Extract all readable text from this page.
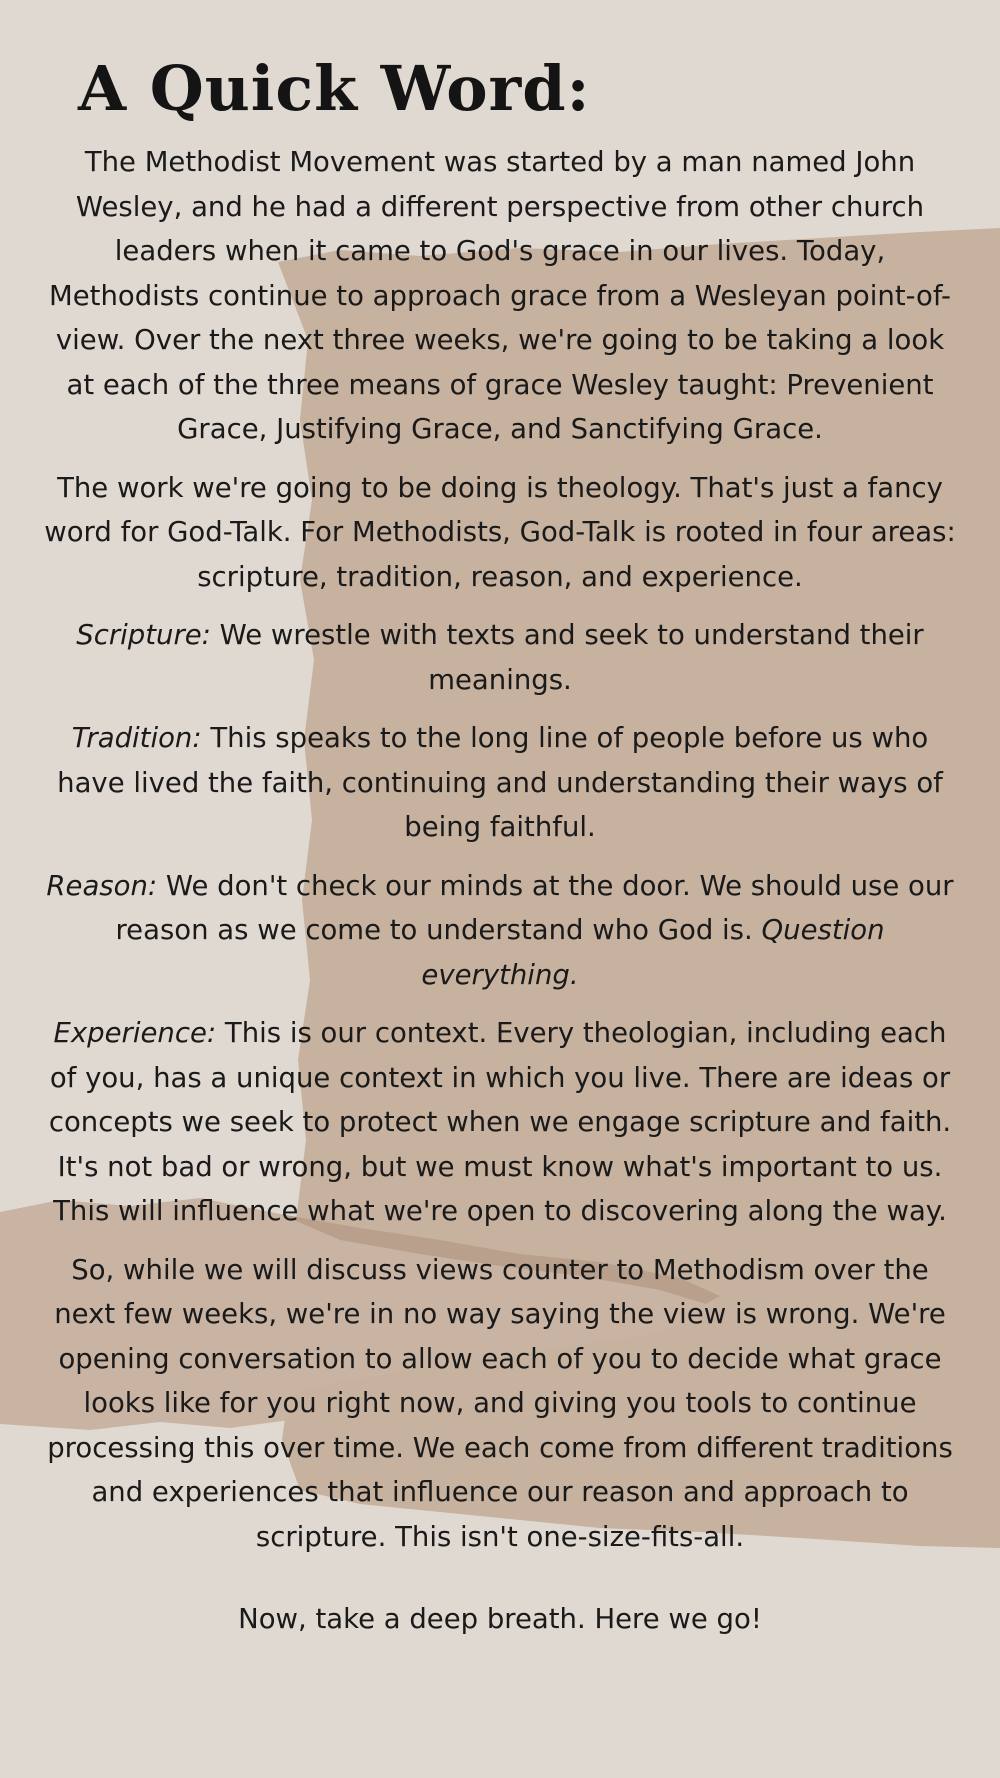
A Quick Word:

The Methodist Movement was started by a man named John Wesley, and he had a different perspective from other church leaders when it came to God's grace in our lives. Today, Methodists continue to approach grace from a Wesleyan point-of-view. Over the next three weeks, we're going to be taking a look at each of the three means of grace Wesley taught: Prevenient Grace, Justifying Grace, and Sanctifying Grace.

The work we're going to be doing is theology. That's just a fancy word for God-Talk. For Methodists, God-Talk is rooted in four areas: scripture, tradition, reason, and experience.

Scripture: We wrestle with texts and seek to understand their meanings.

Tradition: This speaks to the long line of people before us who have lived the faith, continuing and understanding their ways of being faithful.

Reason: We don't check our minds at the door. We should use our reason as we come to understand who God is. Question everything.

Experience: This is our context. Every theologian, including each of you, has a unique context in which you live. There are ideas or concepts we seek to protect when we engage scripture and faith. It's not bad or wrong, but we must know what's important to us. This will influence what we're open to discovering along the way.

So, while we will discuss views counter to Methodism over the next few weeks, we're in no way saying the view is wrong. We're opening conversation to allow each of you to decide what grace looks like for you right now, and giving you tools to continue processing this over time. We each come from different traditions and experiences that influence our reason and approach to scripture. This isn't one-size-fits-all.

Now, take a deep breath. Here we go!
